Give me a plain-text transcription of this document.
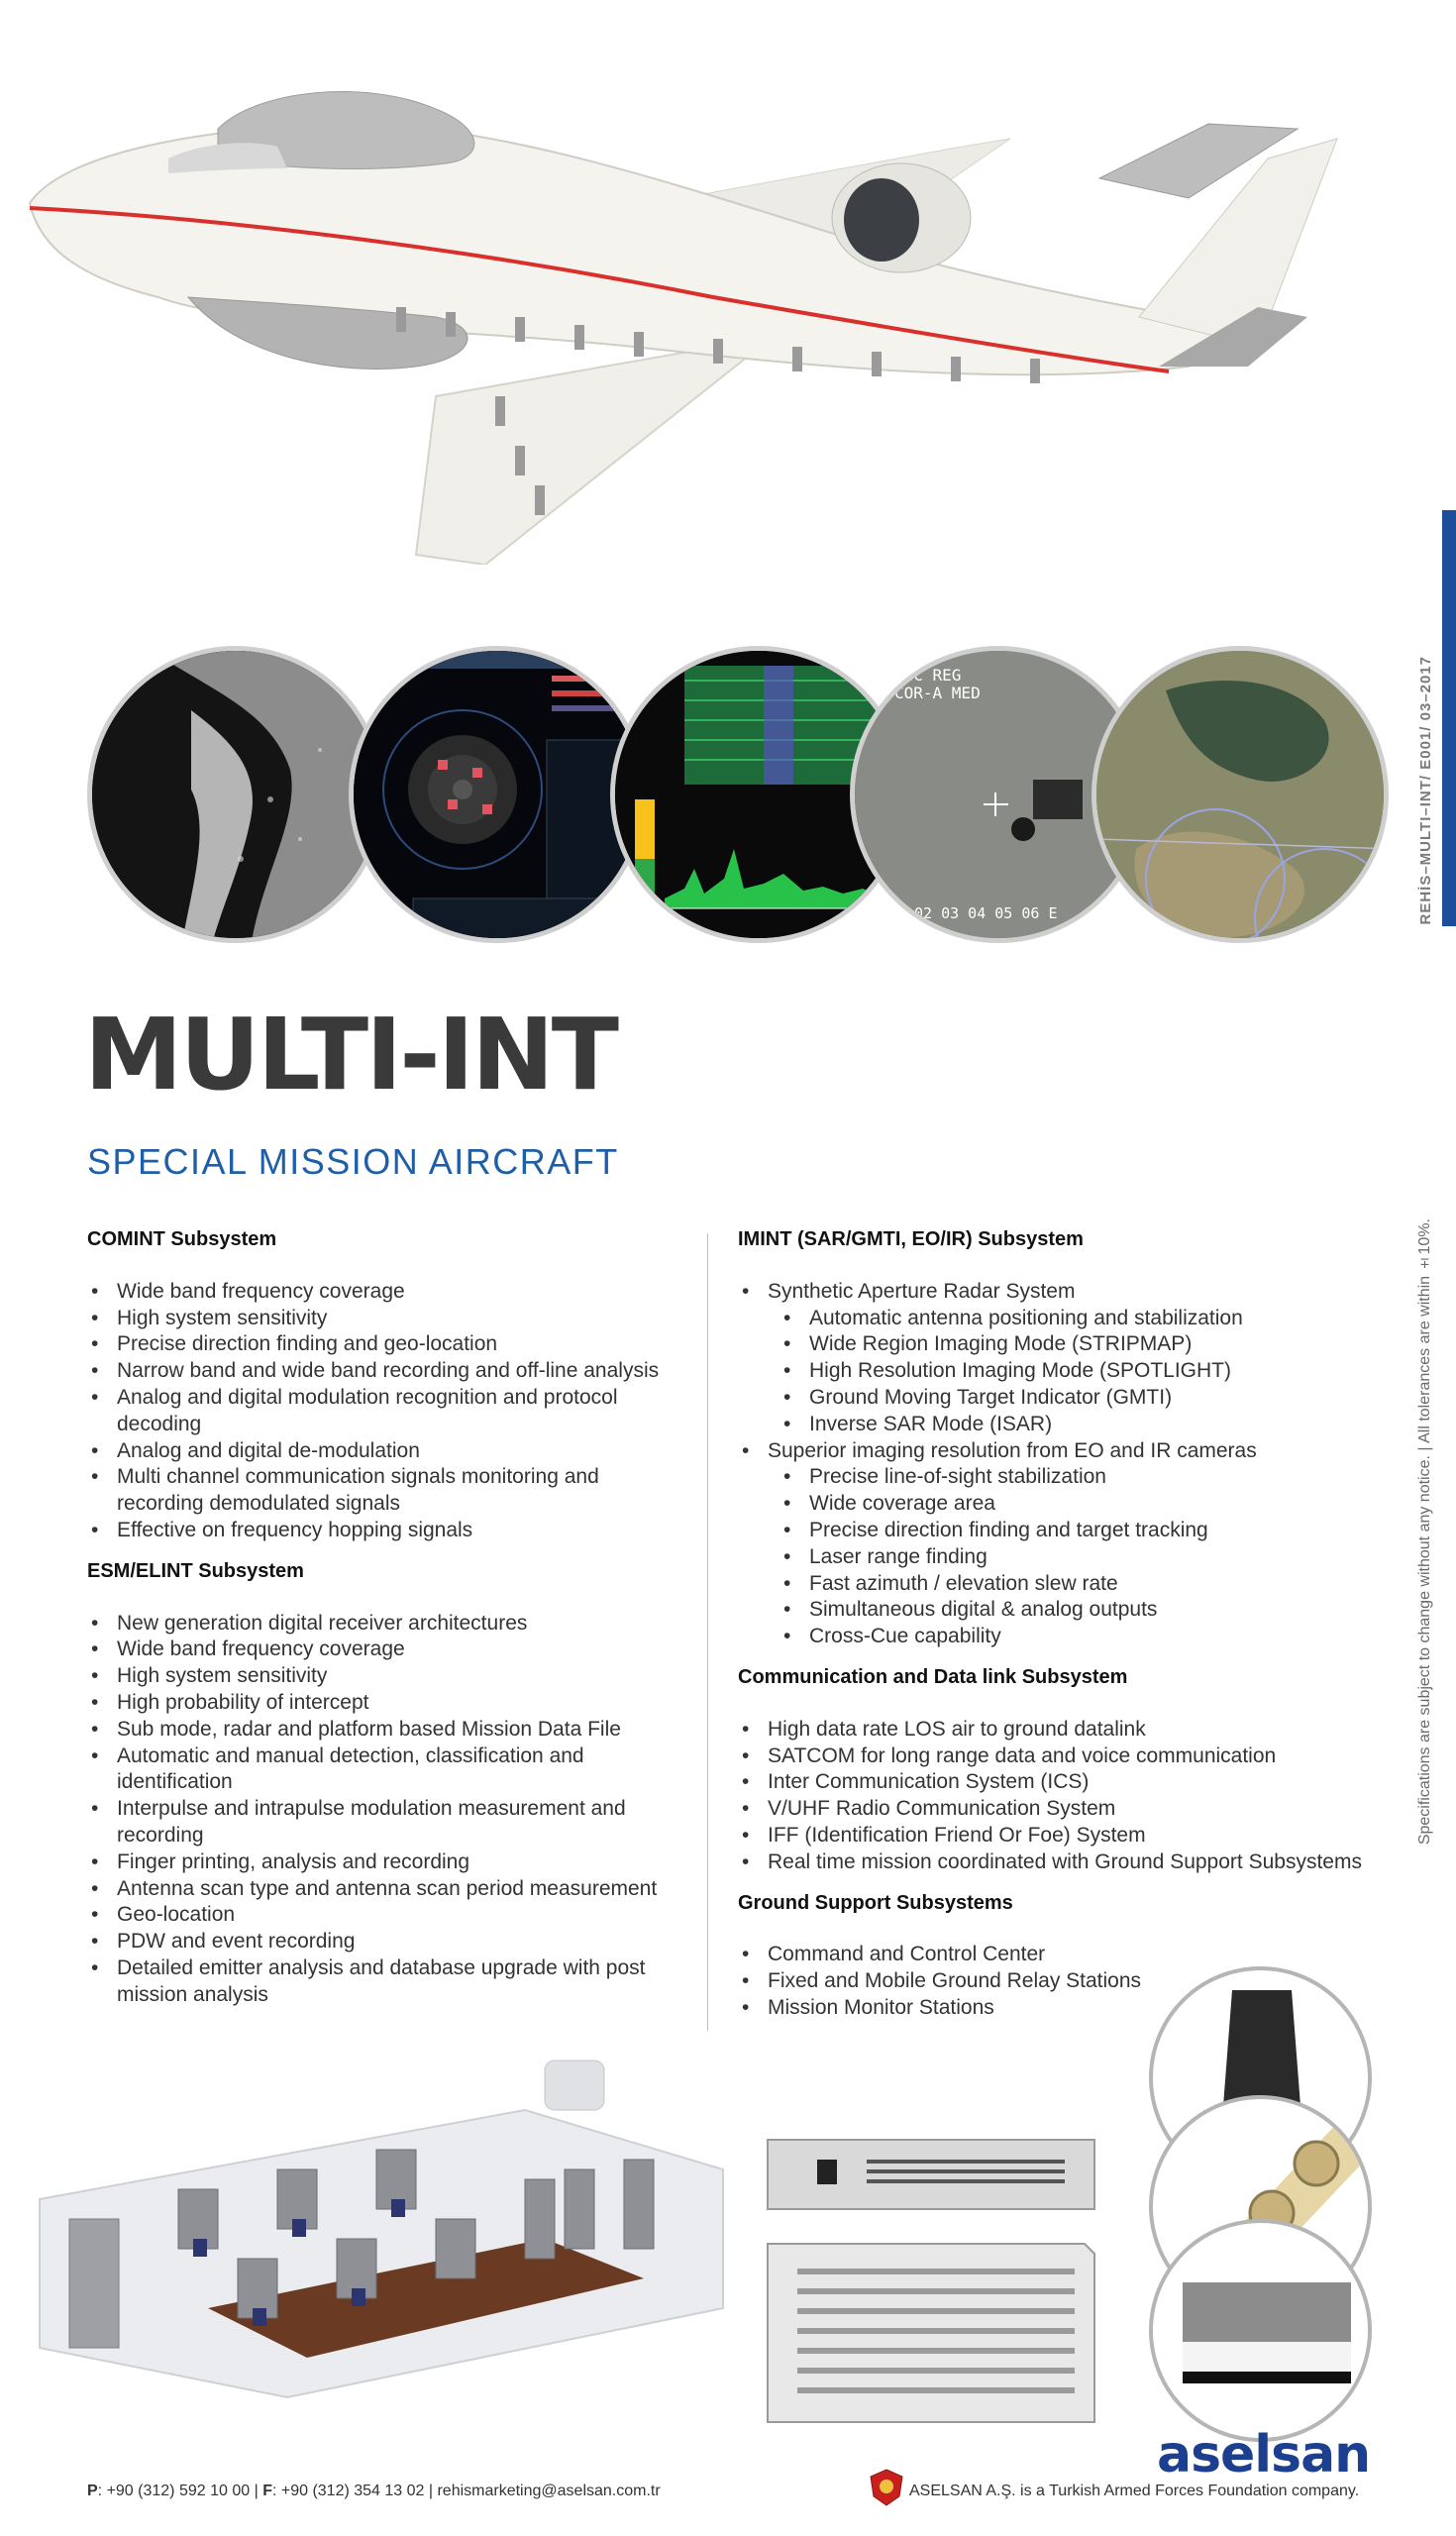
REHİS–MULTI–INT/ E001/ 03–2017
Specifications are subject to change without any notice. | All tolerances are within ±10%.
VIC REG
COR-A MED
02 03 04 05 06 E
MULTI-INT
SPECIAL MISSION AIRCRAFT
COMINT Subsystem
• Wide band frequency coverage
• High system sensitivity
• Precise direction finding and geo-location
• Narrow band and wide band recording and off-line analysis
• Analog and digital modulation recognition and protocol decoding
• Analog and digital de-modulation
• Multi channel communication signals monitoring and recording demodulated signals
• Effective on frequency hopping signals
ESM/ELINT Subsystem
• New generation digital receiver architectures
• Wide band frequency coverage
• High system sensitivity
• High probability of intercept
• Sub mode, radar and platform based Mission Data File
• Automatic and manual detection, classification and identification
• Interpulse and intrapulse modulation measurement and recording
• Finger printing, analysis and recording
• Antenna scan type and antenna scan period measurement
• Geo-location
• PDW and event recording
• Detailed emitter analysis and database upgrade with post mission analysis
IMINT (SAR/GMTI, EO/IR) Subsystem
• Synthetic Aperture Radar System
• Automatic antenna positioning and stabilization
• Wide Region Imaging Mode (STRIPMAP)
• High Resolution Imaging Mode (SPOTLIGHT)
• Ground Moving Target Indicator (GMTI)
• Inverse SAR Mode (ISAR)
• Superior imaging resolution from EO and IR cameras
• Precise line-of-sight stabilization
• Wide coverage area
• Precise direction finding and target tracking
• Laser range finding
• Fast azimuth / elevation slew rate
• Simultaneous digital & analog outputs
• Cross-Cue capability
Communication and Data link Subsystem
• High data rate LOS air to ground datalink
• SATCOM for long range data and voice communication
• Inter Communication System (ICS)
• V/UHF Radio Communication System
• IFF (Identification Friend Or Foe) System
• Real time mission coordinated with Ground Support Subsystems
Ground Support Subsystems
• Command and Control Center
• Fixed and Mobile Ground Relay Stations
• Mission Monitor Stations
P: +90 (312) 592 10 00 | F: +90 (312) 354 13 02 | rehismarketing@aselsan.com.tr	ASELSAN A.Ş. is a Turkish Armed Forces Foundation company.
aselsan
